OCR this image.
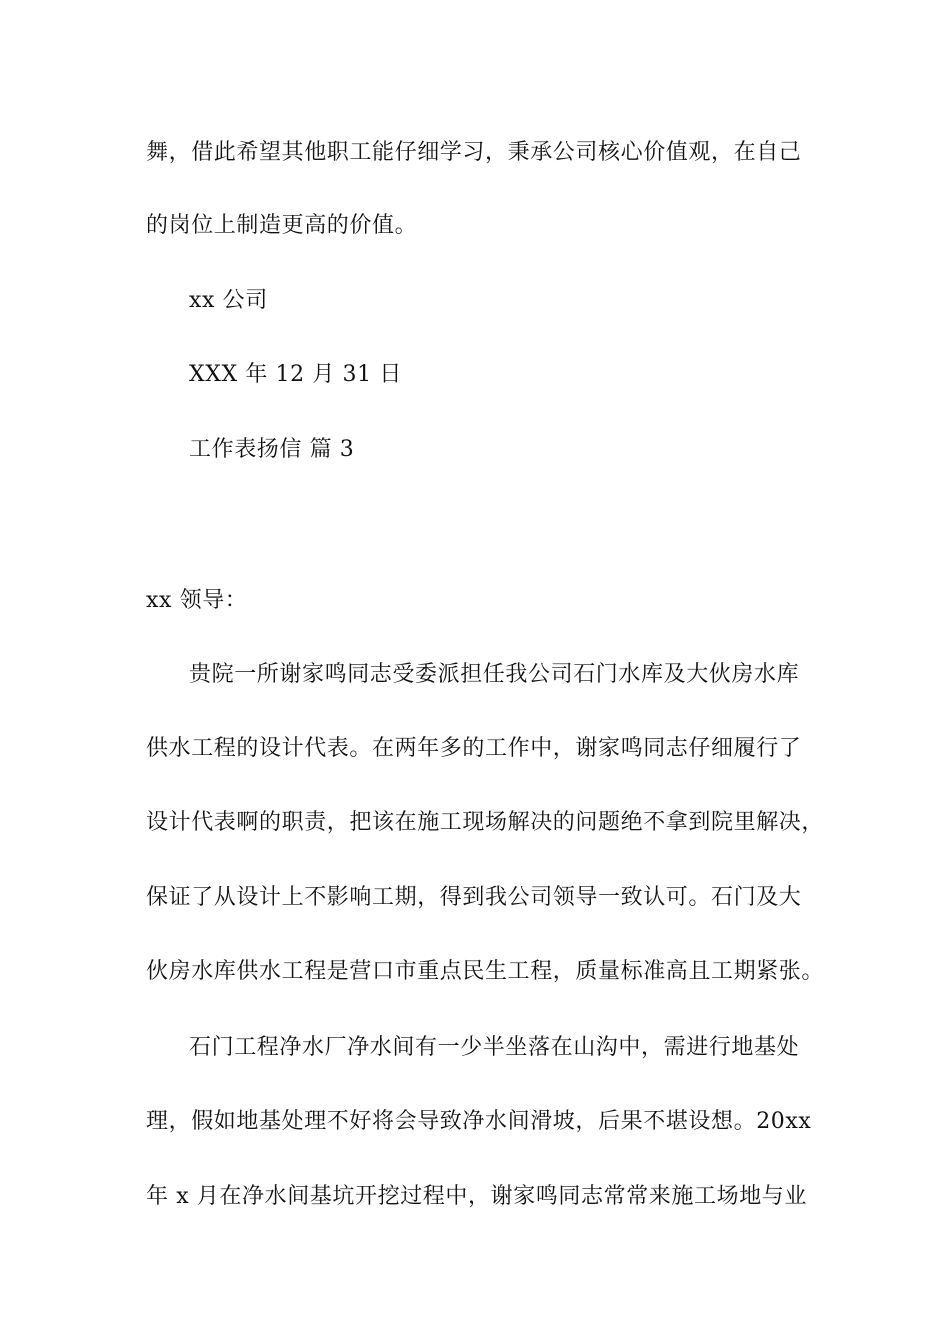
舞，借此希望其他职工能仔细学习，秉承公司核心价值观，在自己
的岗位上制造更高的价值。
xx 公司
XXX 年 12 月 31 日
工作表扬信 篇 3
xx 领导：
贵院一所谢家鸣同志受委派担任我公司石门水库及大伙房水库
供水工程的设计代表。在两年多的工作中，谢家鸣同志仔细履行了
设计代表啊的职责，把该在施工现场解决的问题绝不拿到院里解决，
保证了从设计上不影响工期，得到我公司领导一致认可。石门及大
伙房水库供水工程是营口市重点民生工程，质量标准高且工期紧张。
石门工程净水厂净水间有一少半坐落在山沟中，需进行地基处
理，假如地基处理不好将会导致净水间滑坡，后果不堪设想。20xx
年 x 月在净水间基坑开挖过程中，谢家鸣同志常常来施工场地与业
